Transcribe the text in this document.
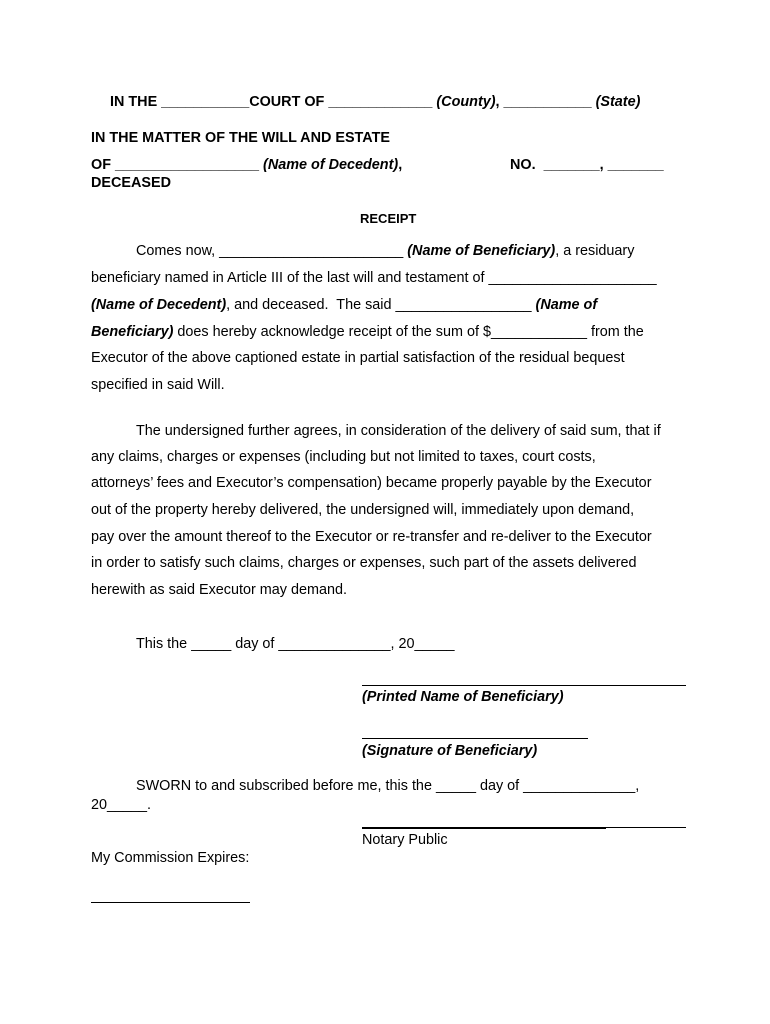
IN THE ___________COURT OF _____________ (County), ___________ (State)
IN THE MATTER OF THE WILL AND ESTATE
OF __________________ (Name of Decedent),	NO.  _______, _______
DECEASED
RECEIPT
Comes now, _______________________ (Name of Beneficiary), a residuary
beneficiary named in Article III of the last will and testament of _____________________
(Name of Decedent), and deceased.  The said _________________ (Name of
Beneficiary) does hereby acknowledge receipt of the sum of $____________ from the
Executor of the above captioned estate in partial satisfaction of the residual bequest
specified in said Will.
The undersigned further agrees, in consideration of the delivery of said sum, that if
any claims, charges or expenses (including but not limited to taxes, court costs,
attorneys’ fees and Executor’s compensation) became properly payable by the Executor
out of the property hereby delivered, the undersigned will, immediately upon demand,
pay over the amount thereof to the Executor or re-transfer and re-deliver to the Executor
in order to satisfy such claims, charges or expenses, such part of the assets delivered
herewith as said Executor may demand.
This the _____ day of ______________, 20_____
(Printed Name of Beneficiary)
(Signature of Beneficiary)
SWORN to and subscribed before me, this the _____ day of ______________,
20_____.
Notary Public
My Commission Expires:
